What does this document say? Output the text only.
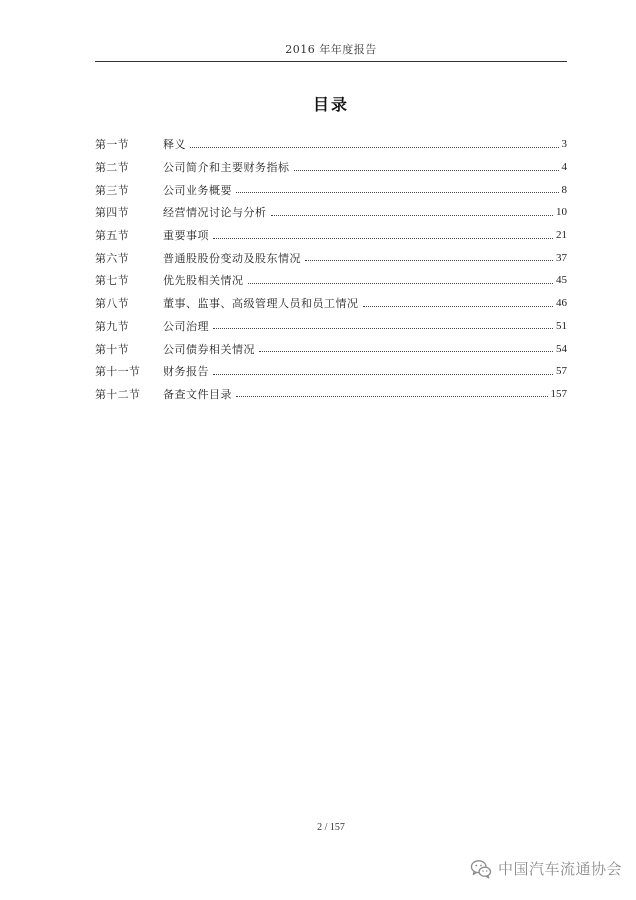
2016 年年度报告
目录
第一节	释义	3
第二节	公司简介和主要财务指标	4
第三节	公司业务概要	8
第四节	经营情况讨论与分析	10
第五节	重要事项	21
第六节	普通股股份变动及股东情况	37
第七节	优先股相关情况	45
第八节	董事、监事、高级管理人员和员工情况	46
第九节	公司治理	51
第十节	公司债券相关情况	54
第十一节	财务报告	57
第十二节	备查文件目录	157
2 / 157
中国汽车流通协会
